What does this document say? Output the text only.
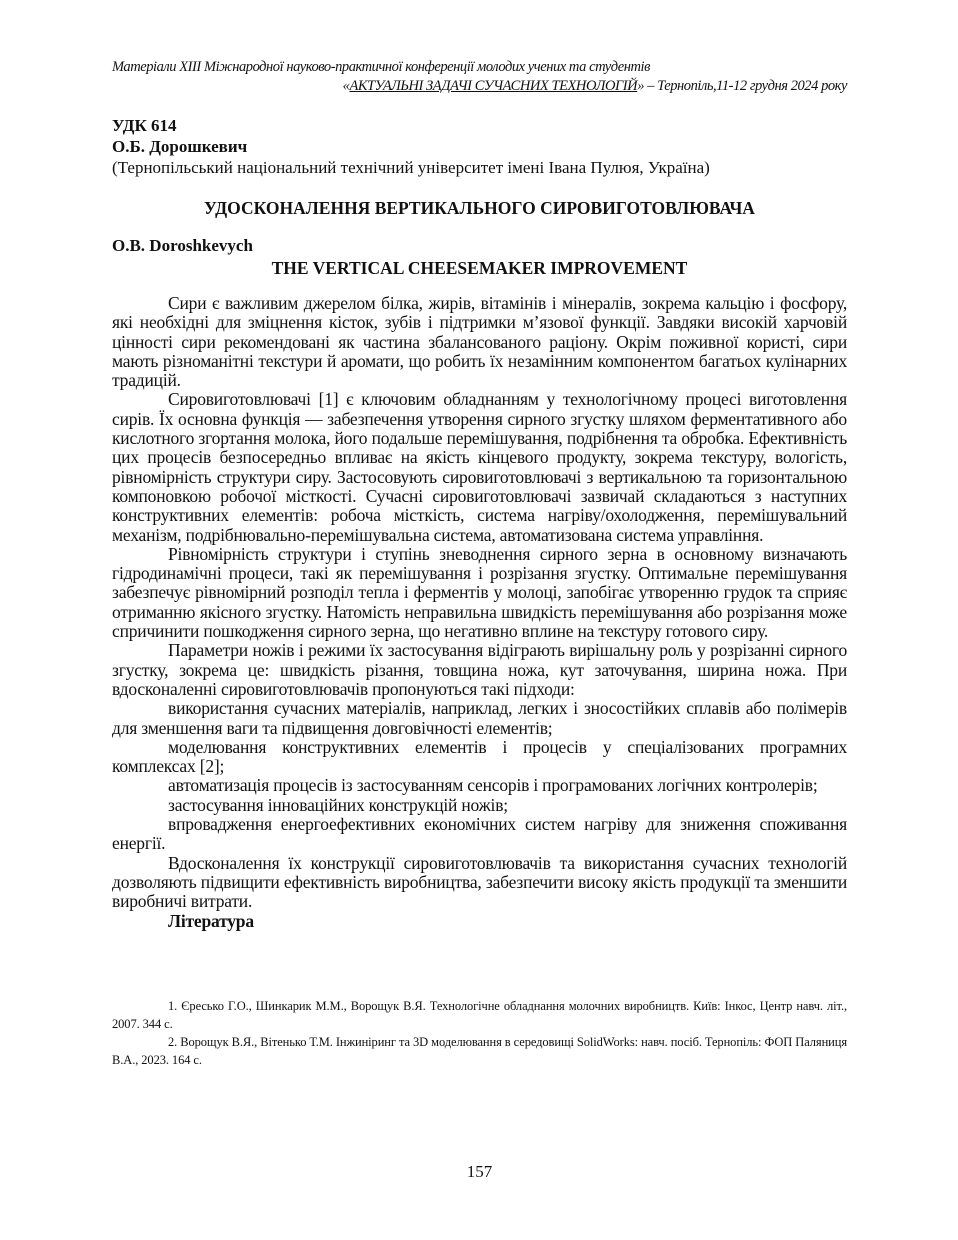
Матеріали XIII Міжнародної науково-практичної конференції молодих учених та студентів
«АКТУАЛЬНІ ЗАДАЧІ СУЧАСНИХ ТЕХНОЛОГІЙ» – Тернопіль,11-12 грудня 2024 року
УДК 614
О.Б. Дорошкевич
(Тернопільський національний технічний університет імені Івана Пулюя, Україна)
УДОСКОНАЛЕННЯ ВЕРТИКАЛЬНОГО СИРОВИГОТОВЛЮВАЧА
O.B. Doroshkevych
THE VERTICAL CHEESEMAKER IMPROVEMENT

Сири є важливим джерелом білка, жирів, вітамінів і мінералів, зокрема кальцію і фосфору, які необхідні для зміцнення кісток, зубів і підтримки м’язової функції. Завдяки високій харчовій цінності сири рекомендовані як частина збалансованого раціону. Окрім поживної користі, сири мають різноманітні текстури й аромати, що робить їх незамінним компонентом багатьох кулінарних традицій.

Сировиготовлювачі [1] є ключовим обладнанням у технологічному процесі виготовлення сирів. Їх основна функція — забезпечення утворення сирного згустку шляхом ферментативного або кислотного згортання молока, його подальше перемішування, подрібнення та обробка. Ефективність цих процесів безпосередньо впливає на якість кінцевого продукту, зокрема текстуру, вологість, рівномірність структури сиру. Застосовують сировиготовлювачі з вертикальною та горизонтальною компоновкою робочої місткості. Сучасні сировиготовлювачі зазвичай складаються з наступних конструктивних елементів: робоча місткість, система нагріву/охолодження, перемішувальний механізм, подрібнювально-перемішувальна система, автоматизована система управління.

Рівномірність структури і ступінь зневоднення сирного зерна в основному визначають гідродинамічні процеси, такі як перемішування і розрізання згустку. Оптимальне перемішування забезпечує рівномірний розподіл тепла і ферментів у молоці, запобігає утворенню грудок та сприяє отриманню якісного згустку. Натомість неправильна швидкість перемішування або розрізання може спричинити пошкодження сирного зерна, що негативно вплине на текстуру готового сиру.

Параметри ножів і режими їх застосування відіграють вирішальну роль у розрізанні сирного згустку, зокрема це: швидкість різання, товщина ножа, кут заточування, ширина ножа. При вдосконаленні сировиготовлювачів пропонуються такі підходи:

використання сучасних матеріалів, наприклад, легких і зносостійких сплавів або полімерів для зменшення ваги та підвищення довговічності елементів;

моделювання конструктивних елементів і процесів у спеціалізованих програмних комплексах [2];

автоматизація процесів із застосуванням сенсорів і програмованих логічних контролерів;

застосування інноваційних конструкцій ножів;

впровадження енергоефективних економічних систем нагріву для зниження споживання енергії.

Вдосконалення їх конструкції сировиготовлювачів та використання сучасних технологій дозволяють підвищити ефективність виробництва, забезпечити високу якість продукції та зменшити виробничі витрати.

Література

1. Єресько Г.О., Шинкарик М.М., Ворощук В.Я. Технологічне обладнання молочних виробництв. Київ: Інкос, Центр навч. літ., 2007. 344 с.

2. Ворощук В.Я., Вітенько Т.М. Інжиніринг та 3D моделювання в середовищі SolidWorks: навч. посіб. Тернопіль: ФОП Паляниця В.А., 2023. 164 с.

157
